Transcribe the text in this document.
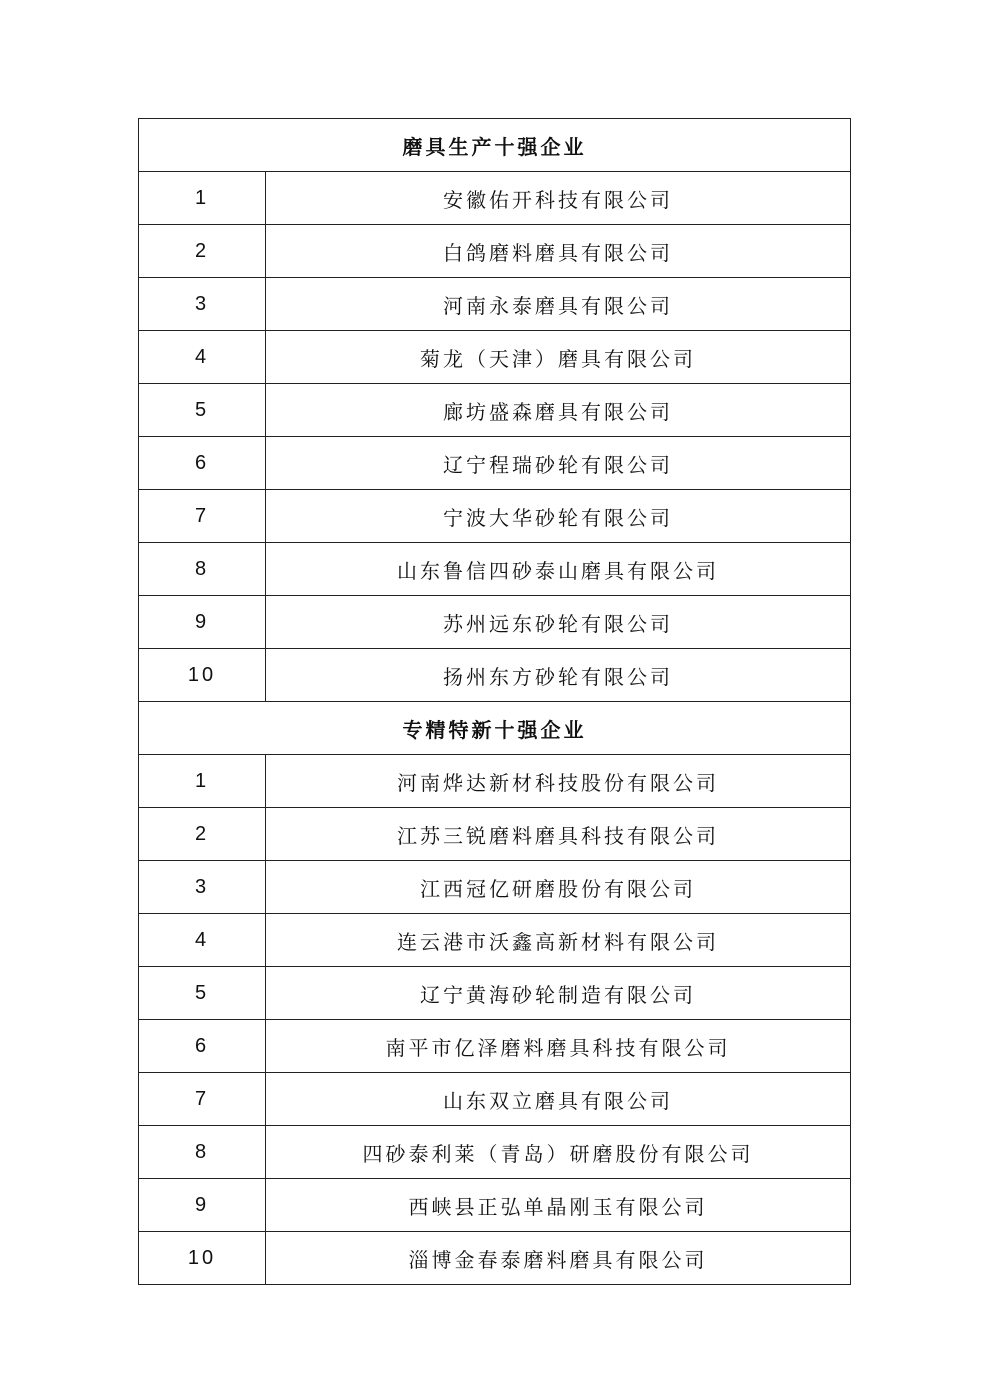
磨具生产十强企业	
1	安徽佑开科技有限公司
2	白鸽磨料磨具有限公司
3	河南永泰磨具有限公司
4	菊龙（天津）磨具有限公司
5	廊坊盛森磨具有限公司
6	辽宁程瑞砂轮有限公司
7	宁波大华砂轮有限公司
8	山东鲁信四砂泰山磨具有限公司
9	苏州远东砂轮有限公司
10	扬州东方砂轮有限公司
专精特新十强企业	
1	河南烨达新材科技股份有限公司
2	江苏三锐磨料磨具科技有限公司
3	江西冠亿研磨股份有限公司
4	连云港市沃鑫高新材料有限公司
5	辽宁黄海砂轮制造有限公司
6	南平市亿泽磨料磨具科技有限公司
7	山东双立磨具有限公司
8	四砂泰利莱（青岛）研磨股份有限公司
9	西峡县正弘单晶刚玉有限公司
10	淄博金春泰磨料磨具有限公司
